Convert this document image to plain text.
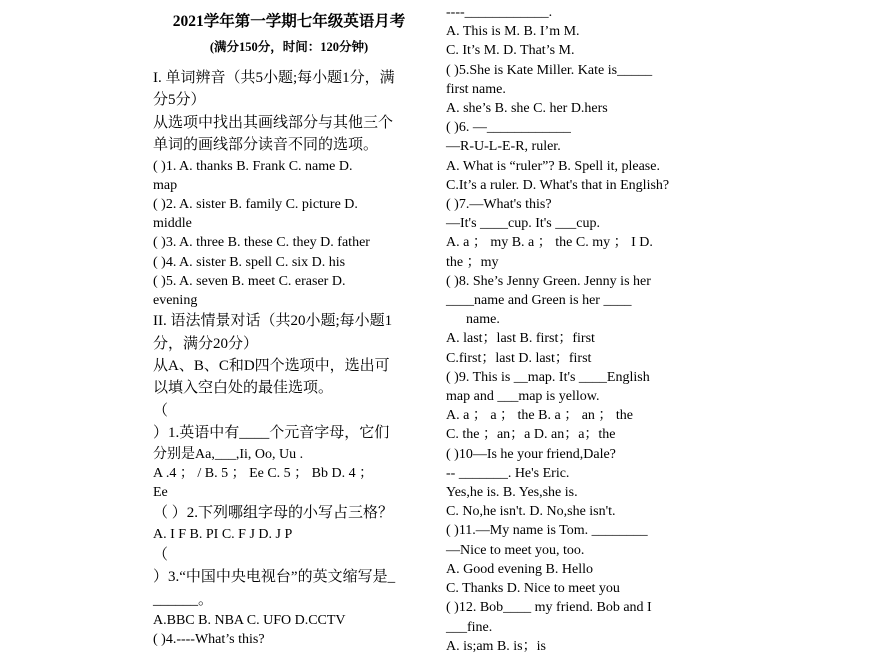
2021学年第一学期七年级英语月考
(满分150分，时间：120分钟)
I. 单词辨音（共5小题;每小题1分，满
分5分）
从选项中找出其画线部分与其他三个
单词的画线部分读音不同的选项。
( )1. A. thanks B. Frank C. name D.
map
( )2. A. sister B. family C. picture D.
middle
( )3. A. three B. these C. they D. father
( )4. A. sister B. spell C. six D. his
( )5. A. seven B. meet C. eraser D.
evening
II. 语法情景对话（共20小题;每小题1
分，满分20分）
从A、B、C和D四个选项中，选出可
以填入空白处的最佳选项。
（
）1.英语中有____个元音字母，它们
分别是Aa,___,Ii, Oo, Uu .
A .4 ； / B. 5 ； Ee C. 5 ； Bb D. 4 ；
Ee
（ ）2.下列哪组字母的小写占三格？
A. I F B. PI C. F J D. J P
（
）3.“中国中央电视台”的英文缩写是_
______。
A.BBC B. NBA C. UFO D.CCTV
( )4.----What’s this?
----____________.
A. This is M. B. I’m M.
C. It’s M. D. That’s M.
( )5.She is Kate Miller. Kate is_____
first name.
A. she’s B. she C. her D.hers
( )6. —____________
—R-U-L-E-R, ruler.
A. What is “ruler”? B. Spell it, please.
C.It’s a ruler. D. What's that in English?
( )7.—What's this?
—It's ____cup. It's ___cup.
A. a ； my B. a ； the C. my ； I D.
the ；my
( )8. She’s Jenny Green. Jenny is her
____name and Green is her ____
name.
A. last；last B. first；first
C.first；last D. last；first
( )9. This is __map. It's ____English
map and ___map is yellow.
A. a ； a ； the B. a ； an ； the
C. the ；an；a D. an；a；the
( )10—Is he your friend,Dale?
-- _______. He's Eric.
Yes,he is. B. Yes,she is.
C. No,he isn't. D. No,she isn't.
( )11.—My name is Tom. ________
—Nice to meet you, too.
A. Good evening B. Hello
C. Thanks D. Nice to meet you
( )12. Bob____ my friend. Bob and I
___fine.
A. is;am B. is；is
